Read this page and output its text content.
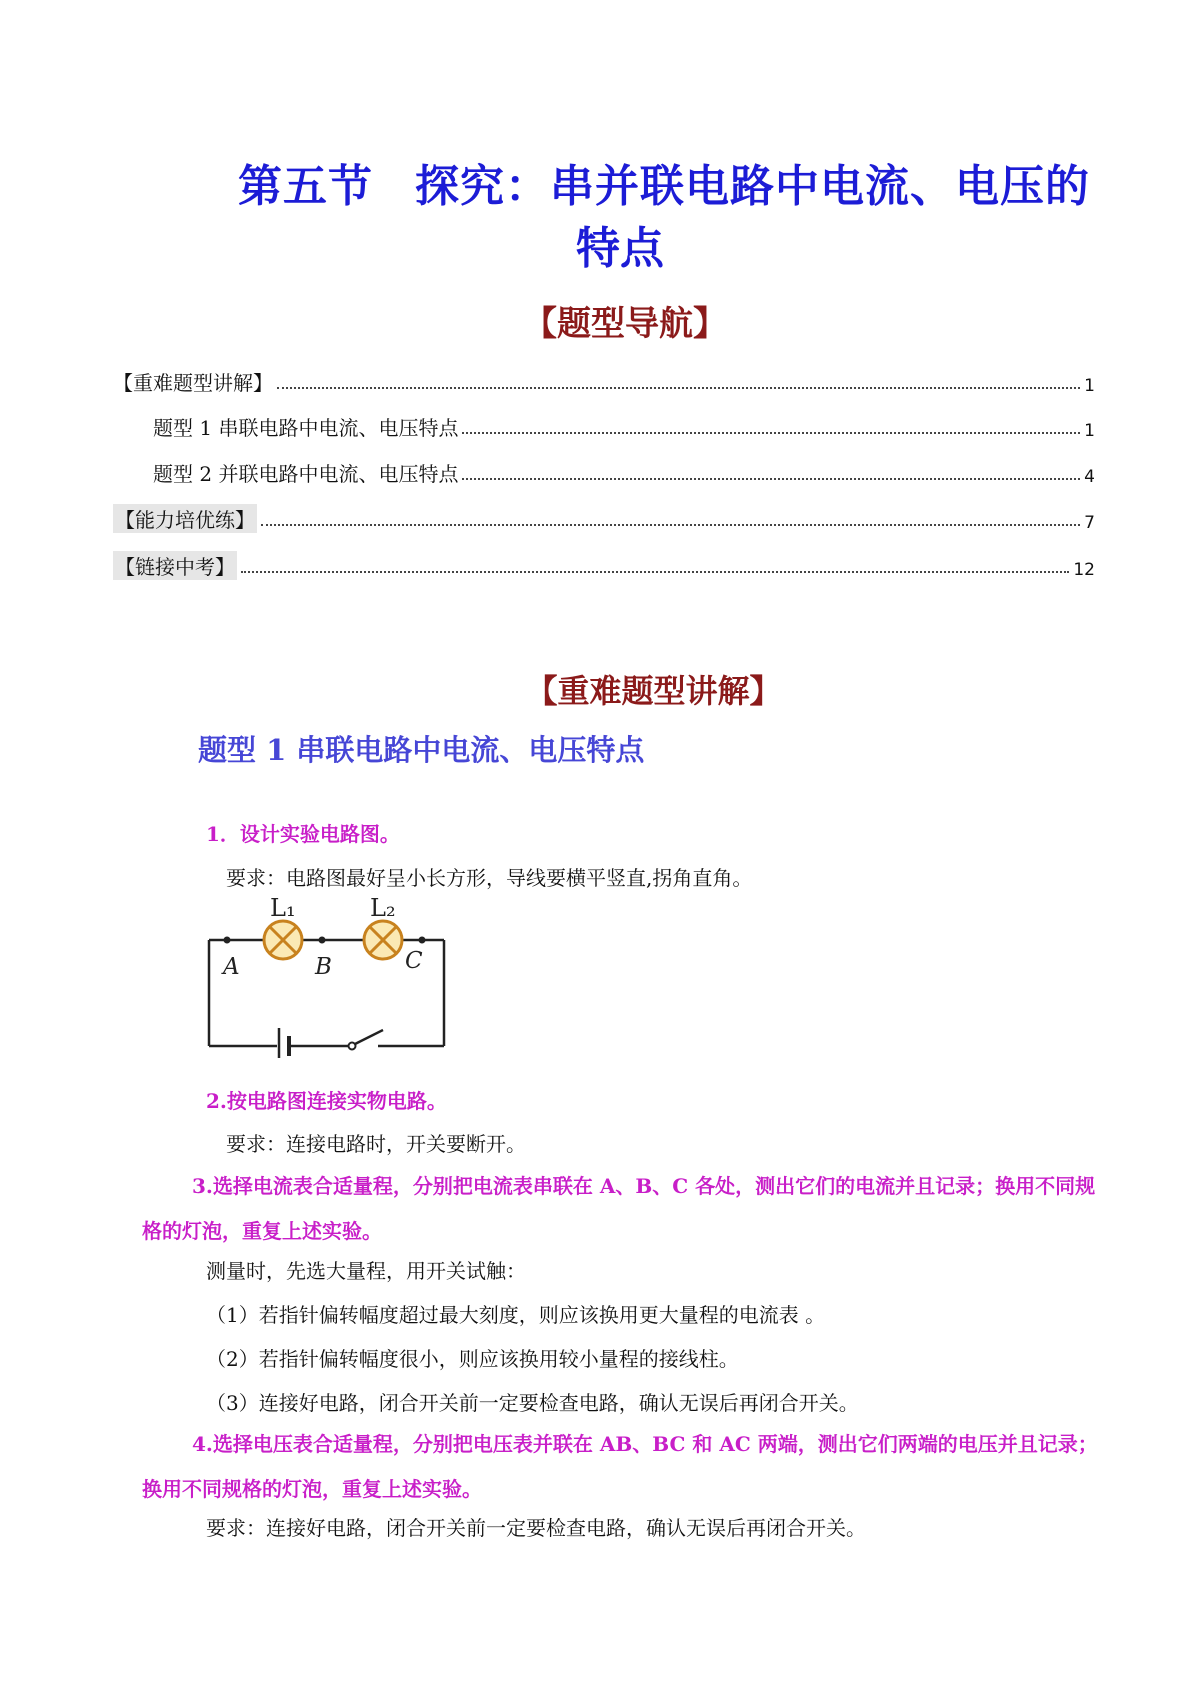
第五节 探究：串并联电路中电流、电压的
特点
【题型导航】
【重难题型讲解】	1
题型 1 串联电路中电流、电压特点	1
题型 2 并联电路中电流、电压特点	4
【能力培优练】	7
【链接中考】	12
【重难题型讲解】
题型 1 串联电路中电流、电压特点
1．设计实验电路图。
要求：电路图最好呈小长方形，导线要横平竖直,拐角直角。
L₁	L₂
A	B	C
2.按电路图连接实物电路。
要求：连接电路时，开关要断开。
3.选择电流表合适量程，分别把电流表串联在 A、B、C 各处，测出它们的电流并且记录；换用不同规格的灯泡，重复上述实验。
测量时，先选大量程，用开关试触：
（1）若指针偏转幅度超过最大刻度，则应该换用更大量程的电流表 。
（2）若指针偏转幅度很小，则应该换用较小量程的接线柱。
（3）连接好电路，闭合开关前一定要检查电路，确认无误后再闭合开关。
4.选择电压表合适量程，分别把电压表并联在 AB、BC 和 AC 两端，测出它们两端的电压并且记录；换用不同规格的灯泡，重复上述实验。
要求：连接好电路，闭合开关前一定要检查电路，确认无误后再闭合开关。
